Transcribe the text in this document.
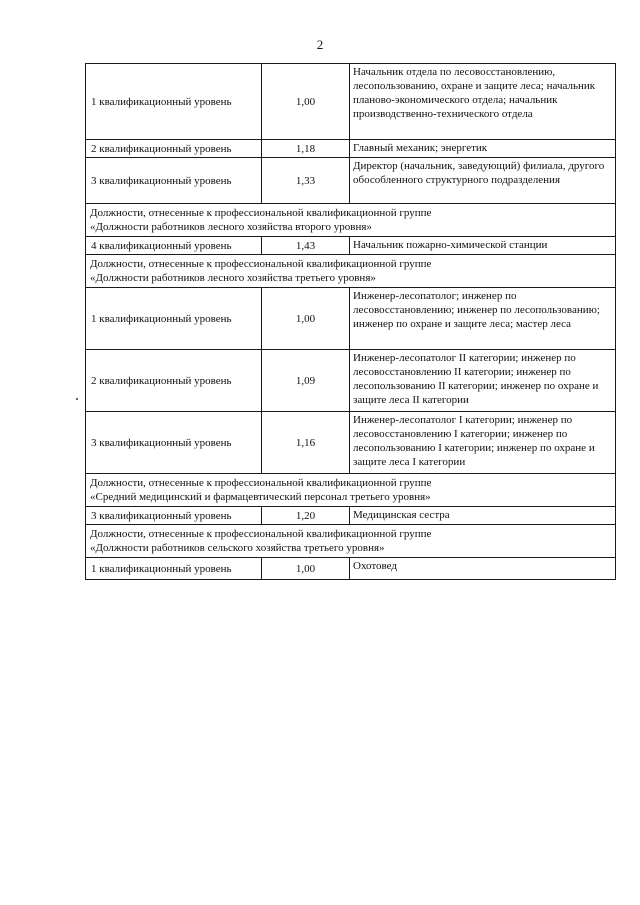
2
1 квалификационный уровень	1,00	Начальник отдела по лесовосстановлению, лесопользованию, охране и защите леса; начальник планово-экономического отдела; начальник производственно-технического отдела
2 квалификационный уровень	1,18	Главный механик; энергетик
3 квалификационный уровень	1,33	Директор (начальник, заведующий) филиала, другого обособленного структурного подразделения

Должности, отнесенные к профессиональной квалификационной группе
«Должности работников лесного хозяйства второго уровня»		

4 квалификационный уровень	1,43	Начальник пожарно-химической станции

Должности, отнесенные к профессиональной квалификационной группе
«Должности работников лесного хозяйства третьего уровня»		

1 квалификационный уровень	1,00	Инженер-лесопатолог; инженер по лесовосстановлению; инженер по лесопользованию; инженер по охране и защите леса; мастер леса
2 квалификационный уровень	1,09	Инженер-лесопатолог II категории; инженер по лесовосстановлению II категории; инженер по лесопользованию II категории; инженер по охране и защите леса II категории
3 квалификационный уровень	1,16	Инженер-лесопатолог I категории; инженер по лесовосстановлению I категории; инженер по лесопользованию I категории; инженер по охране и защите леса I категории

Должности, отнесенные к профессиональной квалификационной группе
«Средний медицинский и фармацевтический персонал третьего уровня»		

3 квалификационный уровень	1,20	Медицинская сестра

Должности, отнесенные к профессиональной квалификационной группе
«Должности работников сельского хозяйства третьего уровня»		

1 квалификационный уровень	1,00	Охотовед
